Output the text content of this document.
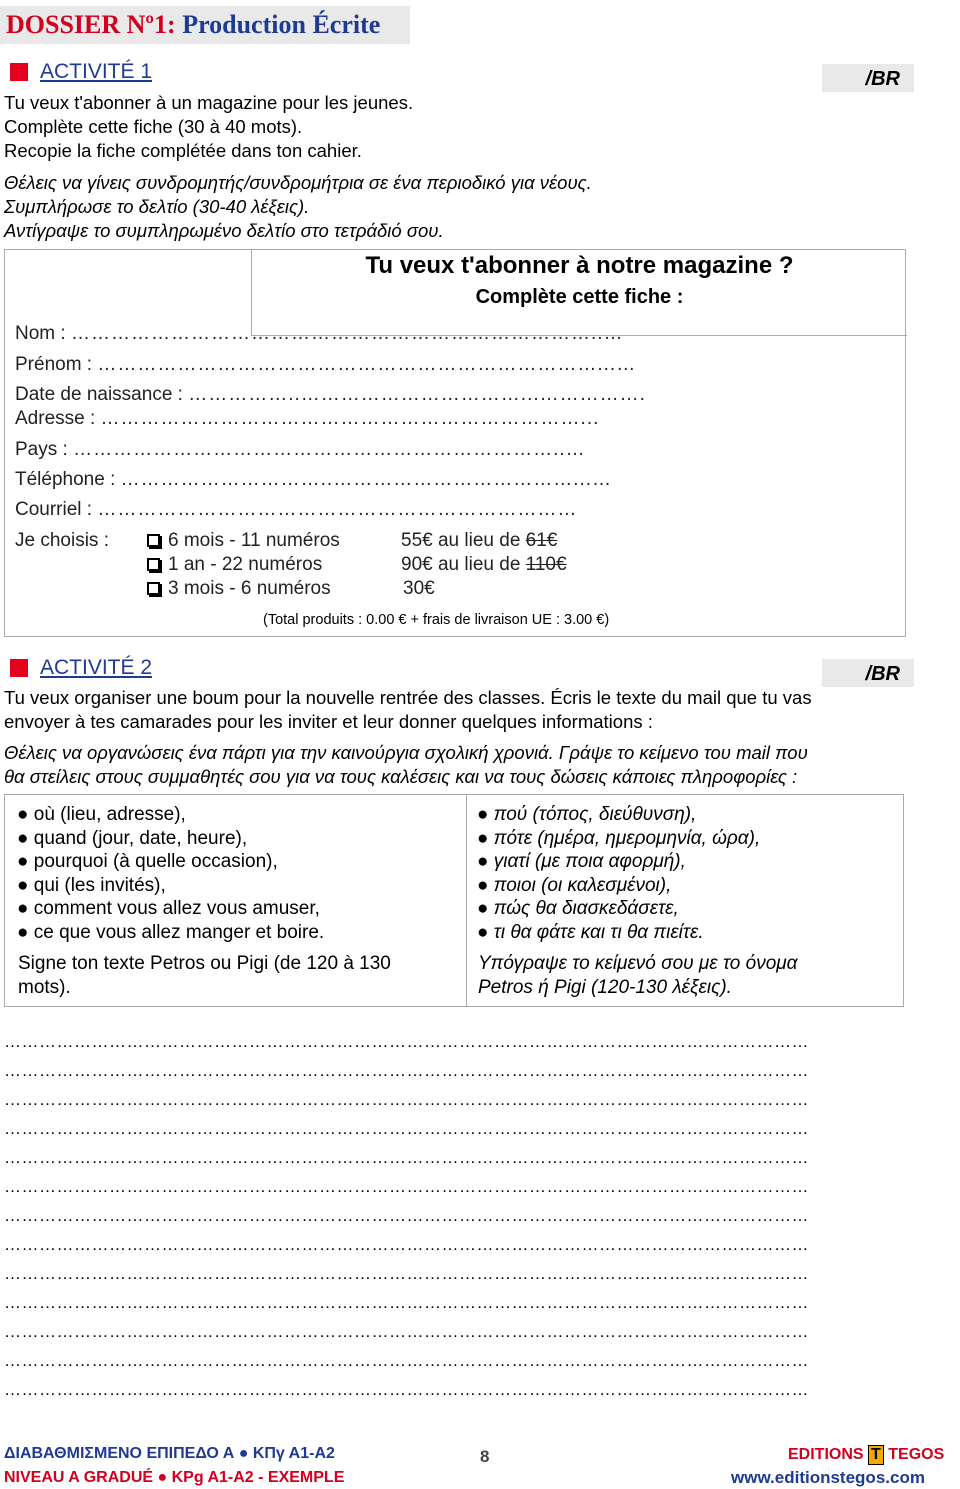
DOSSIER Nº1: Production Écrite
ACTIVITÉ 1	/BR
Tu veux t'abonner à un magazine pour les jeunes.
Complète cette fiche (30 à 40 mots).
Recopie la fiche complétée dans ton cahier.
Θέλεις να γίνεις συνδρομητής/συνδρομήτρια σε ένα περιοδικό για νέους.
Συμπλήρωσε το δελτίο (30-40 λέξεις).
Αντίγραψε το συμπληρωμένο δελτίο στο τετράδιό σου.
Tu veux t'abonner à notre magazine ?
Complète cette fiche :
Nom : ……………………………………………………………………..…
Prénom : …………………………………………………………………...…
Date de naissance : ……………..……………………………...…………….
Adresse : ………………………………………………………………...
Pays : ………………………………………………………………..…
Téléphone : …………………………..………………………………...…
Courriel : ………………………………………………………………
Je choisis :	6 mois - 11 numéros	55€ au lieu de 61€
1 an - 22 numéros	90€ au lieu de 110€
3 mois - 6 numéros	30€
(Total produits : 0.00 € + frais de livraison UE : 3.00 €)
ACTIVITÉ 2	/BR
Tu veux organiser une boum pour la nouvelle rentrée des classes. Écris le texte du mail que tu vas
envoyer à tes camarades pour les inviter et leur donner quelques informations :
Θέλεις να οργανώσεις ένα πάρτι για την καινούργια σχολική χρονιά. Γράψε το κείμενο του mail που
θα στείλεις στους συμμαθητές σου για να τους καλέσεις και να τους δώσεις κάποιες πληροφορίες :
● où (lieu, adresse),
● quand (jour, date, heure),
● pourquoi (à quelle occasion),
● qui (les invités),
● comment vous allez vous amuser,
● ce que vous allez manger et boire.
Signe ton texte Petros ou Pigi (de 120 à 130
mots).
● πού (τόπος, διεύθυνση),
● πότε (ημέρα, ημερομηνία, ώρα),
● γιατί (με ποια αφορμή),
● ποιοι (οι καλεσμένοι),
● πώς θα διασκεδάσετε,
● τι θα φάτε και τι θα πιείτε.
Υπόγραψε το κείμενό σου με το όνομα
Petros ή Pigi (120-130 λέξεις).
…………………………………………………………………………………………………………………………
…………………………………………………………………………………………………………………………
…………………………………………………………………………………………………………………………
…………………………………………………………………………………………………………………………
…………………………………………………………………………………………………………………………
…………………………………………………………………………………………………………………………
…………………………………………………………………………………………………………………………
…………………………………………………………………………………………………………………………
…………………………………………………………………………………………………………………………
…………………………………………………………………………………………………………………………
…………………………………………………………………………………………………………………………
…………………………………………………………………………………………………………………………
…………………………………………………………………………………………………………………………
ΔΙΑΒΑΘΜΙΣΜΕΝΟ ΕΠΙΠΕΔΟ Α ● ΚΠγ Α1-Α2
NIVEAU A GRADUÉ ● KPg A1-A2 - EXEMPLE
8	EDITIONS T TEGOS
www.editionstegos.com
